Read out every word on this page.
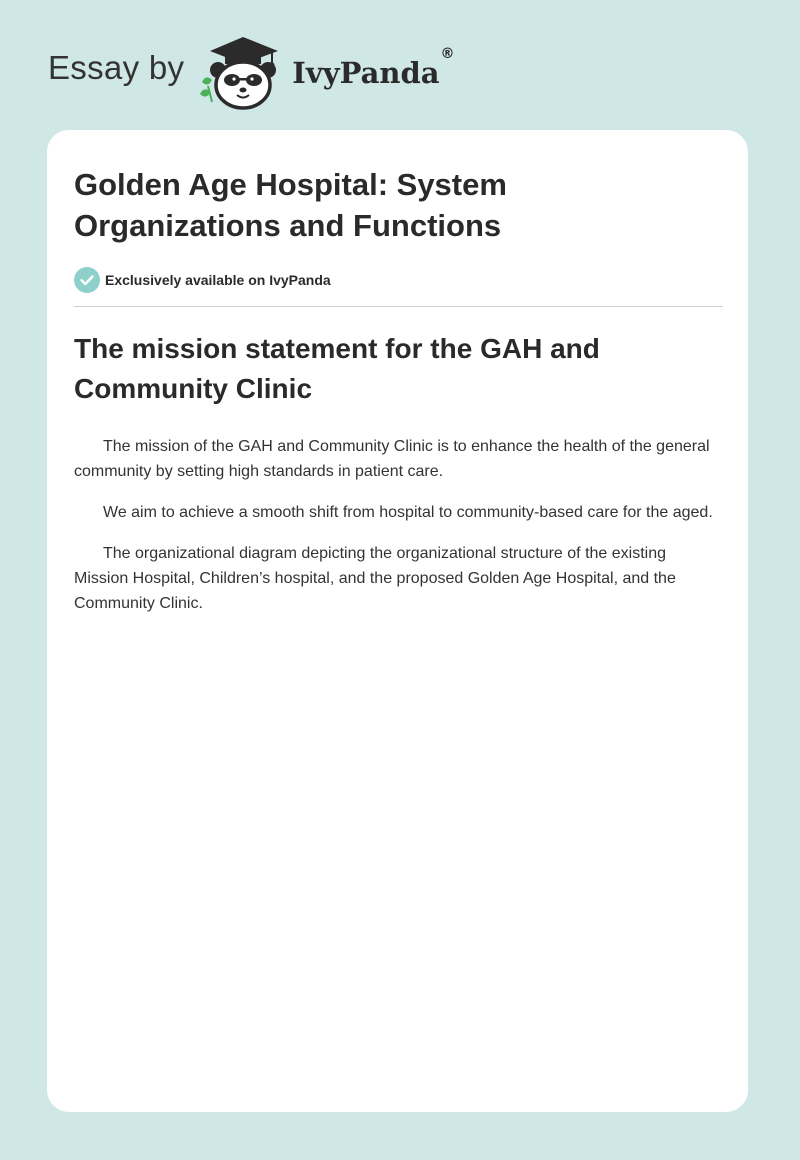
Essay by	IvyPanda®
Golden Age Hospital: System Organizations and Functions
Exclusively available on IvyPanda
The mission statement for the GAH and Community Clinic

The mission of the GAH and Community Clinic is to enhance the health of the general community by setting high standards in patient care.

We aim to achieve a smooth shift from hospital to community-based care for the aged.

The organizational diagram depicting the organizational structure of the existing Mission Hospital, Children’s hospital, and the proposed Golden Age Hospital, and the Community Clinic.
